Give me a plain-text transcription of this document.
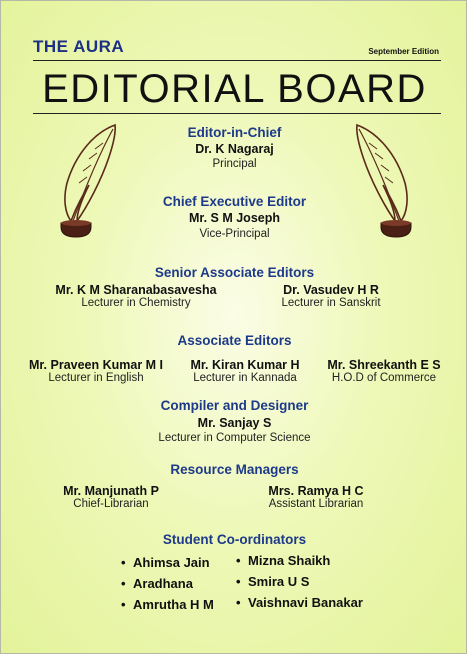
THE AURA	September Edition
EDITORIAL BOARD
Editor-in-Chief
Dr. K Nagaraj
Principal
Chief Executive Editor
Mr. S M Joseph
Vice-Principal
Senior Associate Editors
Mr. K M Sharanabasavesha
Lecturer in Chemistry
Dr. Vasudev H R
Lecturer in Sanskrit
Associate Editors
Mr. Praveen Kumar M I
Lecturer in English
Mr. Kiran Kumar H
Lecturer in Kannada
Mr. Shreekanth E S
H.O.D of Commerce
Compiler and Designer
Mr. Sanjay S
Lecturer in Computer Science
Resource Managers
Mr. Manjunath P
Chief-Librarian
Mrs. Ramya H C
Assistant Librarian
Student Co-ordinators
• Ahimsa Jain
• Aradhana
• Amrutha H M
• Mizna Shaikh
• Smira U S
• Vaishnavi Banakar
